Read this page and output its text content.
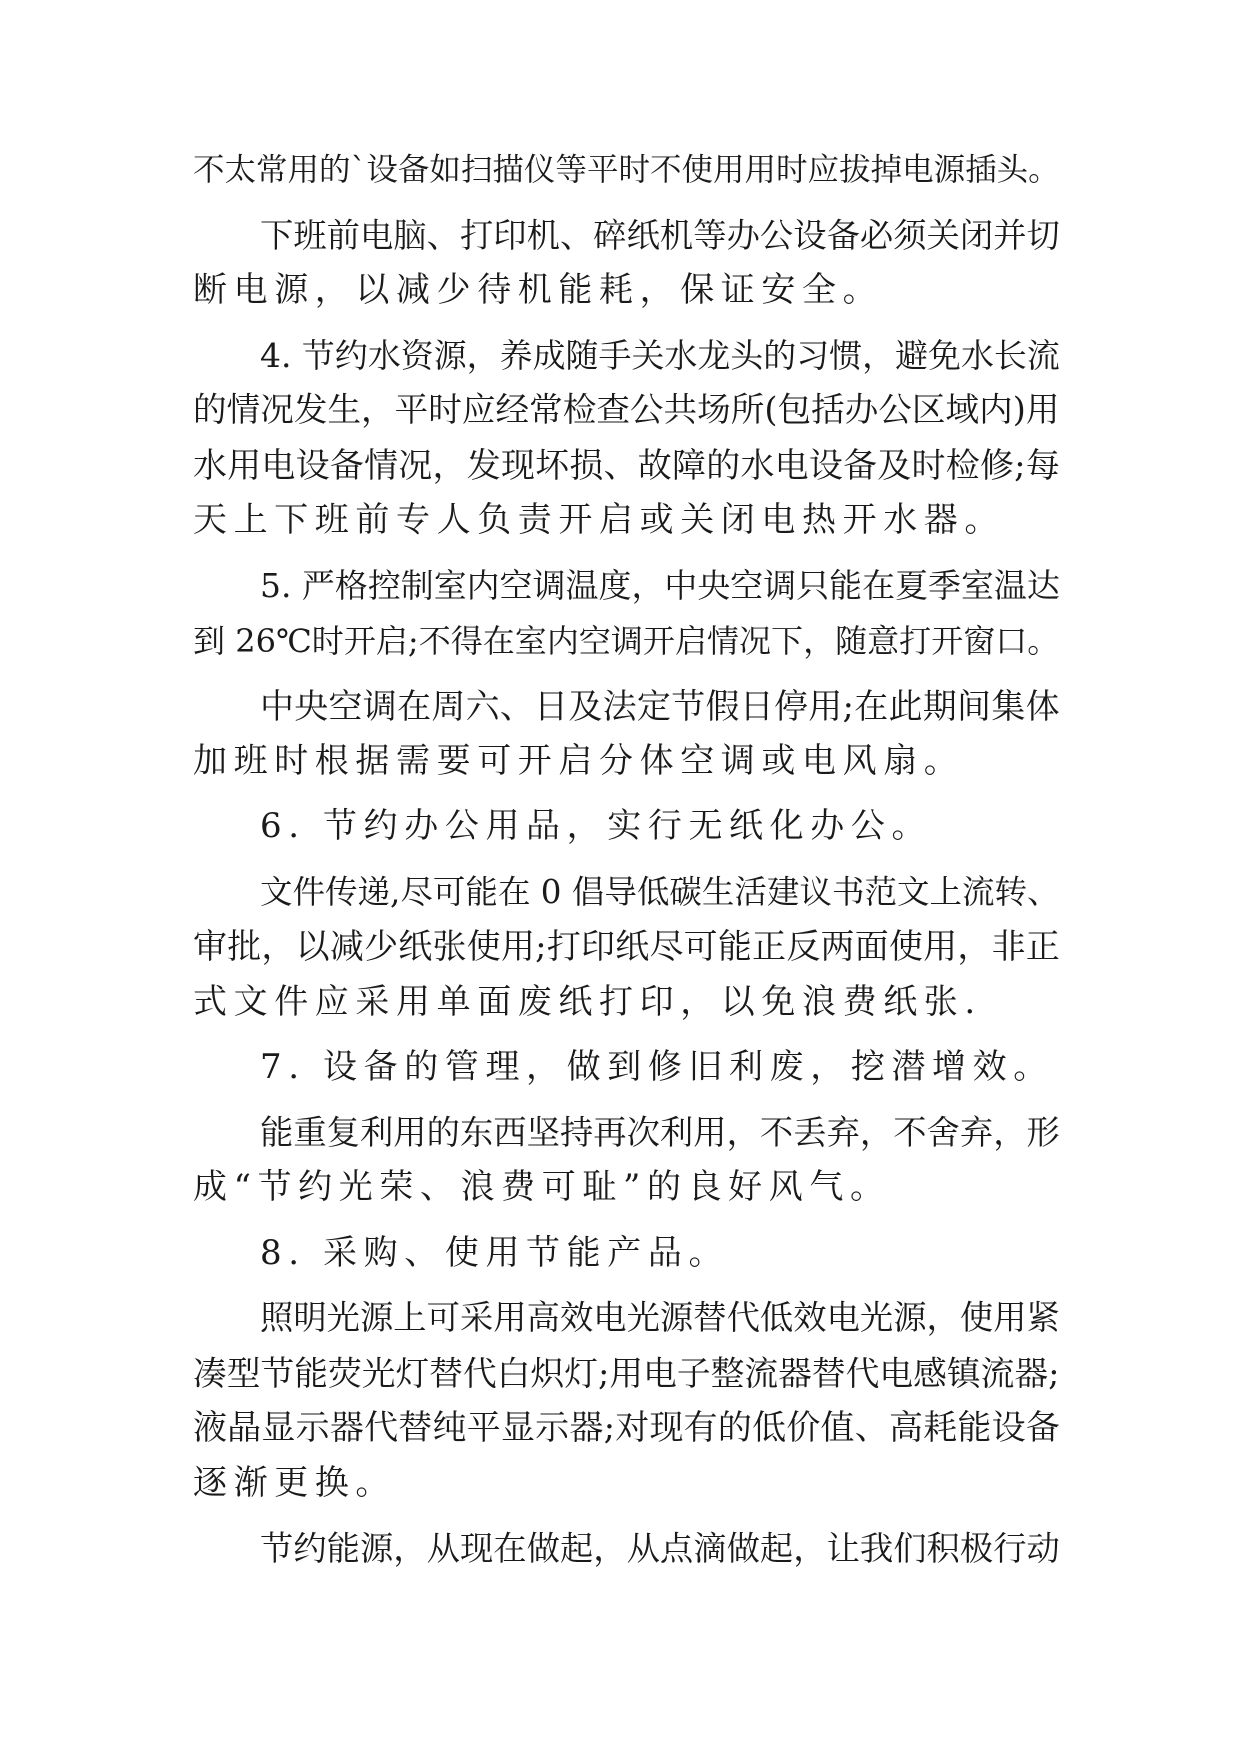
不太常用的`设备如扫描仪等平时不使用用时应拔掉电源插头。
下班前电脑、打印机、碎纸机等办公设备必须关闭并切
断电源，以减少待机能耗，保证安全。
4. 节约水资源，养成随手关水龙头的习惯，避免水长流
的情况发生，平时应经常检查公共场所(包括办公区域内)用
水用电设备情况，发现坏损、故障的水电设备及时检修;每
天上下班前专人负责开启或关闭电热开水器。
5. 严格控制室内空调温度，中央空调只能在夏季室温达
到 26℃时开启;不得在室内空调开启情况下，随意打开窗口。
中央空调在周六、日及法定节假日停用;在此期间集体
加班时根据需要可开启分体空调或电风扇。
6. 节约办公用品，实行无纸化办公。
文件传递,尽可能在 0 倡导低碳生活建议书范文上流转、
审批，以减少纸张使用;打印纸尽可能正反两面使用，非正
式文件应采用单面废纸打印，以免浪费纸张.
7. 设备的管理，做到修旧利废，挖潜增效。
能重复利用的东西坚持再次利用，不丢弃，不舍弃，形
成“节约光荣、浪费可耻”的良好风气。
8. 采购、使用节能产品。
照明光源上可采用高效电光源替代低效电光源，使用紧
凑型节能荧光灯替代白炽灯;用电子整流器替代电感镇流器;
液晶显示器代替纯平显示器;对现有的低价值、高耗能设备
逐渐更换。
节约能源，从现在做起，从点滴做起，让我们积极行动
